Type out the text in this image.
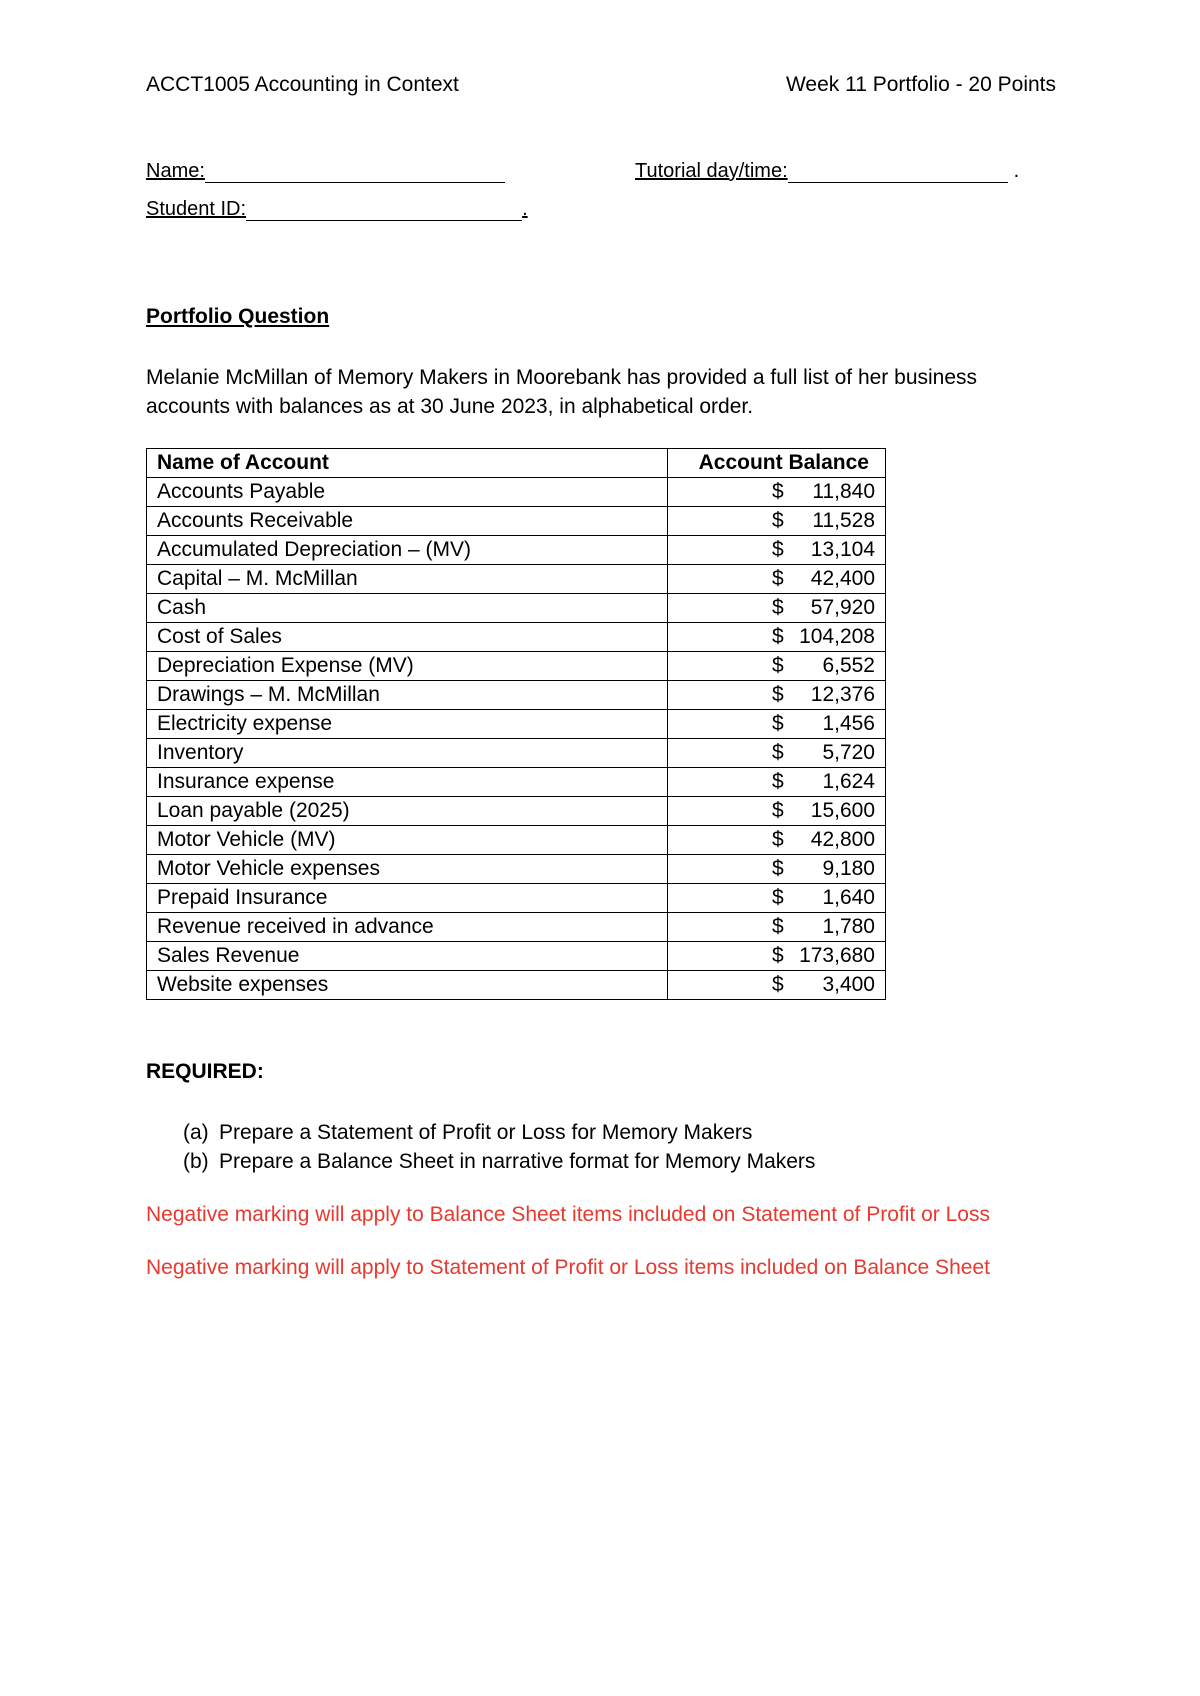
ACCT1005 Accounting in Context	Week 11 Portfolio - 20 Points
Name:	Tutorial day/time:	.
Student ID:	.
Portfolio Question
Melanie McMillan of Memory Makers in Moorebank has provided a full list of her business accounts with balances as at 30 June 2023, in alphabetical order.
Name of Account	Account Balance
Accounts Payable	$ 11,840

Accounts Receivable	$ 11,528

Accumulated Depreciation – (MV)	$ 13,104

Capital – M. McMillan	$ 42,400

Cash	$ 57,920

Cost of Sales	$ 104,208

Depreciation Expense (MV)	$ 6,552

Drawings – M. McMillan	$ 12,376

Electricity expense	$ 1,456

Inventory	$ 5,720

Insurance expense	$ 1,624

Loan payable (2025)	$ 15,600

Motor Vehicle (MV)	$ 42,800

Motor Vehicle expenses	$ 9,180

Prepaid Insurance	$ 1,640

Revenue received in advance	$ 1,780

Sales Revenue	$ 173,680

Website expenses	$ 3,400
REQUIRED:
(a) Prepare a Statement of Profit or Loss for Memory Makers
(b) Prepare a Balance Sheet in narrative format for Memory Makers
Negative marking will apply to Balance Sheet items included on Statement of Profit or Loss
Negative marking will apply to Statement of Profit or Loss items included on Balance Sheet
